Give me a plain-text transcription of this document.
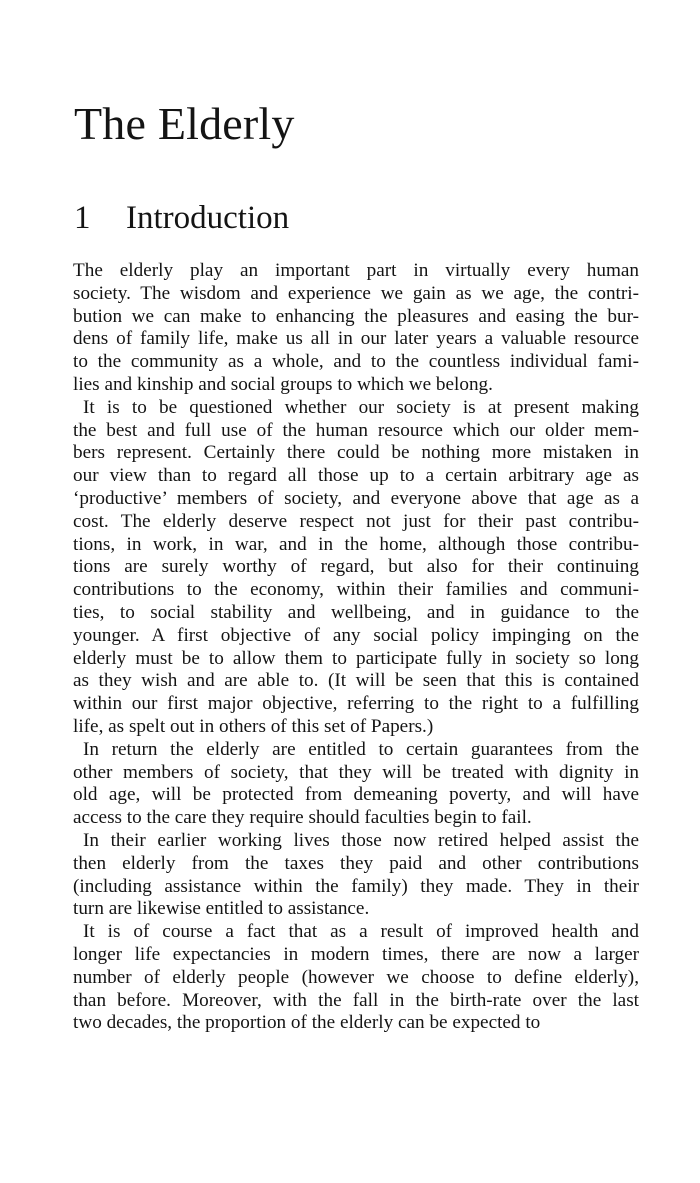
The Elderly
1 Introduction
The elderly play an important part in virtually every human
society. The wisdom and experience we gain as we age, the contri-
bution we can make to enhancing the pleasures and easing the bur-
dens of family life, make us all in our later years a valuable resource
to the community as a whole, and to the countless individual fami-
lies and kinship and social groups to which we belong.
It is to be questioned whether our society is at present making
the best and full use of the human resource which our older mem-
bers represent. Certainly there could be nothing more mistaken in
our view than to regard all those up to a certain arbitrary age as
‘productive’ members of society, and everyone above that age as a
cost. The elderly deserve respect not just for their past contribu-
tions, in work, in war, and in the home, although those contribu-
tions are surely worthy of regard, but also for their continuing
contributions to the economy, within their families and communi-
ties, to social stability and wellbeing, and in guidance to the
younger. A first objective of any social policy impinging on the
elderly must be to allow them to participate fully in society so long
as they wish and are able to. (It will be seen that this is contained
within our first major objective, referring to the right to a fulfilling
life, as spelt out in others of this set of Papers.)
In return the elderly are entitled to certain guarantees from the
other members of society, that they will be treated with dignity in
old age, will be protected from demeaning poverty, and will have
access to the care they require should faculties begin to fail.
In their earlier working lives those now retired helped assist the
then elderly from the taxes they paid and other contributions
(including assistance within the family) they made. They in their
turn are likewise entitled to assistance.
It is of course a fact that as a result of improved health and
longer life expectancies in modern times, there are now a larger
number of elderly people (however we choose to define elderly),
than before. Moreover, with the fall in the birth-rate over the last
two decades, the proportion of the elderly can be expected to
